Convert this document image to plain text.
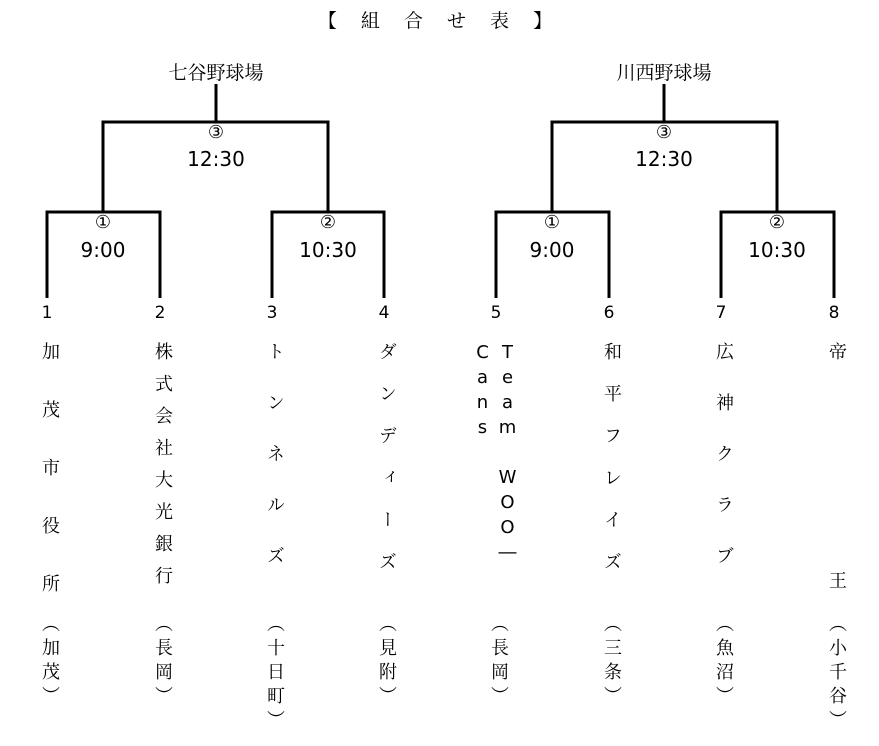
【 組 合 せ 表 】
七谷野球場	川西野球場
③
12:30
③
12:30
①
9:00
②
10:30
①
9:00
②
10:30
1	2	3	4	5	6	7	8
加茂市役所
（加茂）
株式会社大光銀行
（長岡）
トンネルズ
（十日町）
ダンディーズ
（見附）
Team WOO―
Cans
（長岡）
和平フレイズ
（三条）
広神クラブ
（魚沼）
帝
王
（小千谷）
